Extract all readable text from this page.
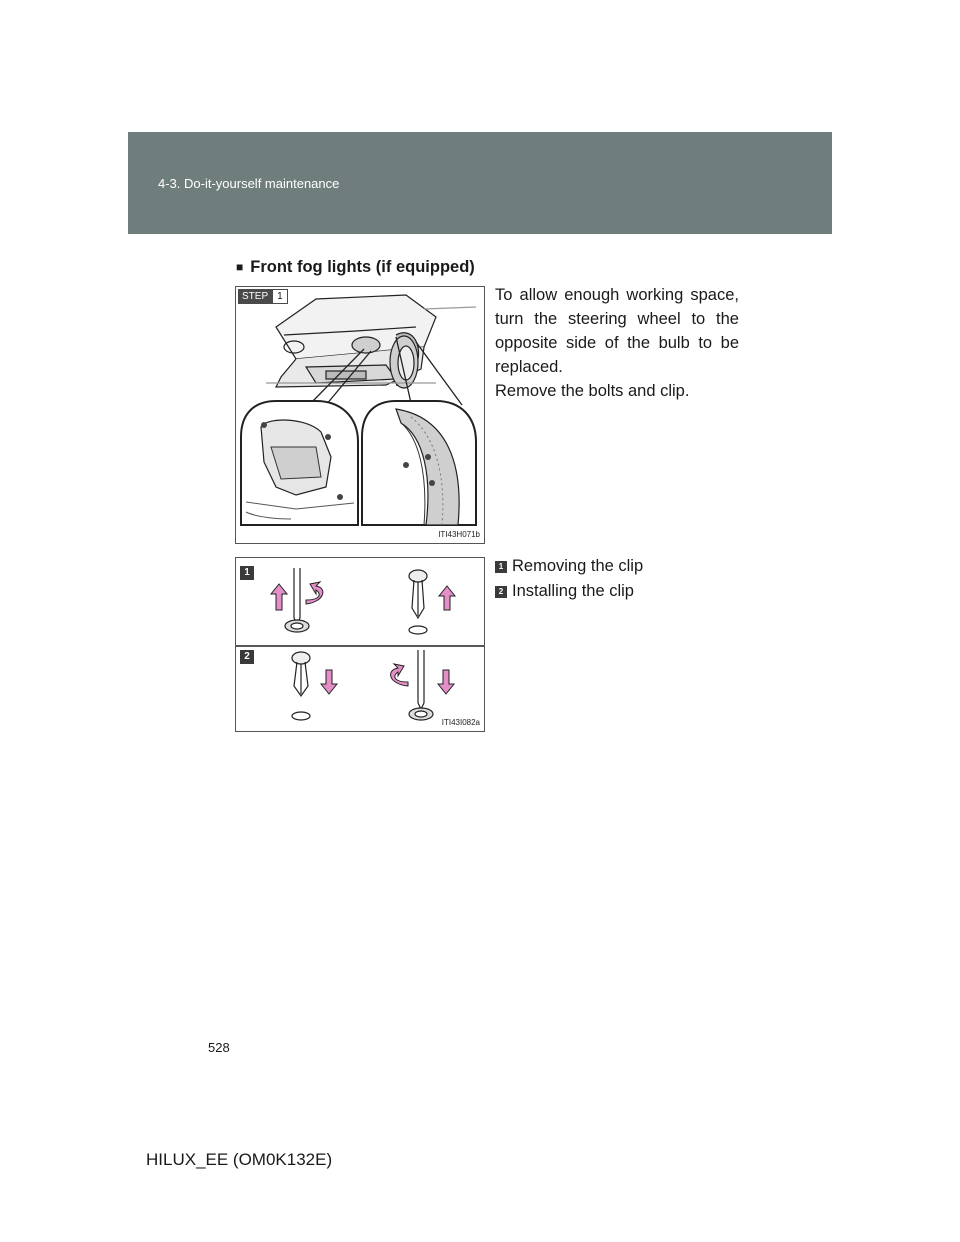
4-3. Do-it-yourself maintenance
■ Front fog lights (if equipped)
STEP 1
ITI43H071b

To allow enough working space, turn the steering wheel to the opposite side of the bulb to be replaced.

Remove the bolts and clip.

1
2
ITI43I082a
1 Removing the clip
2 Installing the clip
528
HILUX_EE (OM0K132E)
